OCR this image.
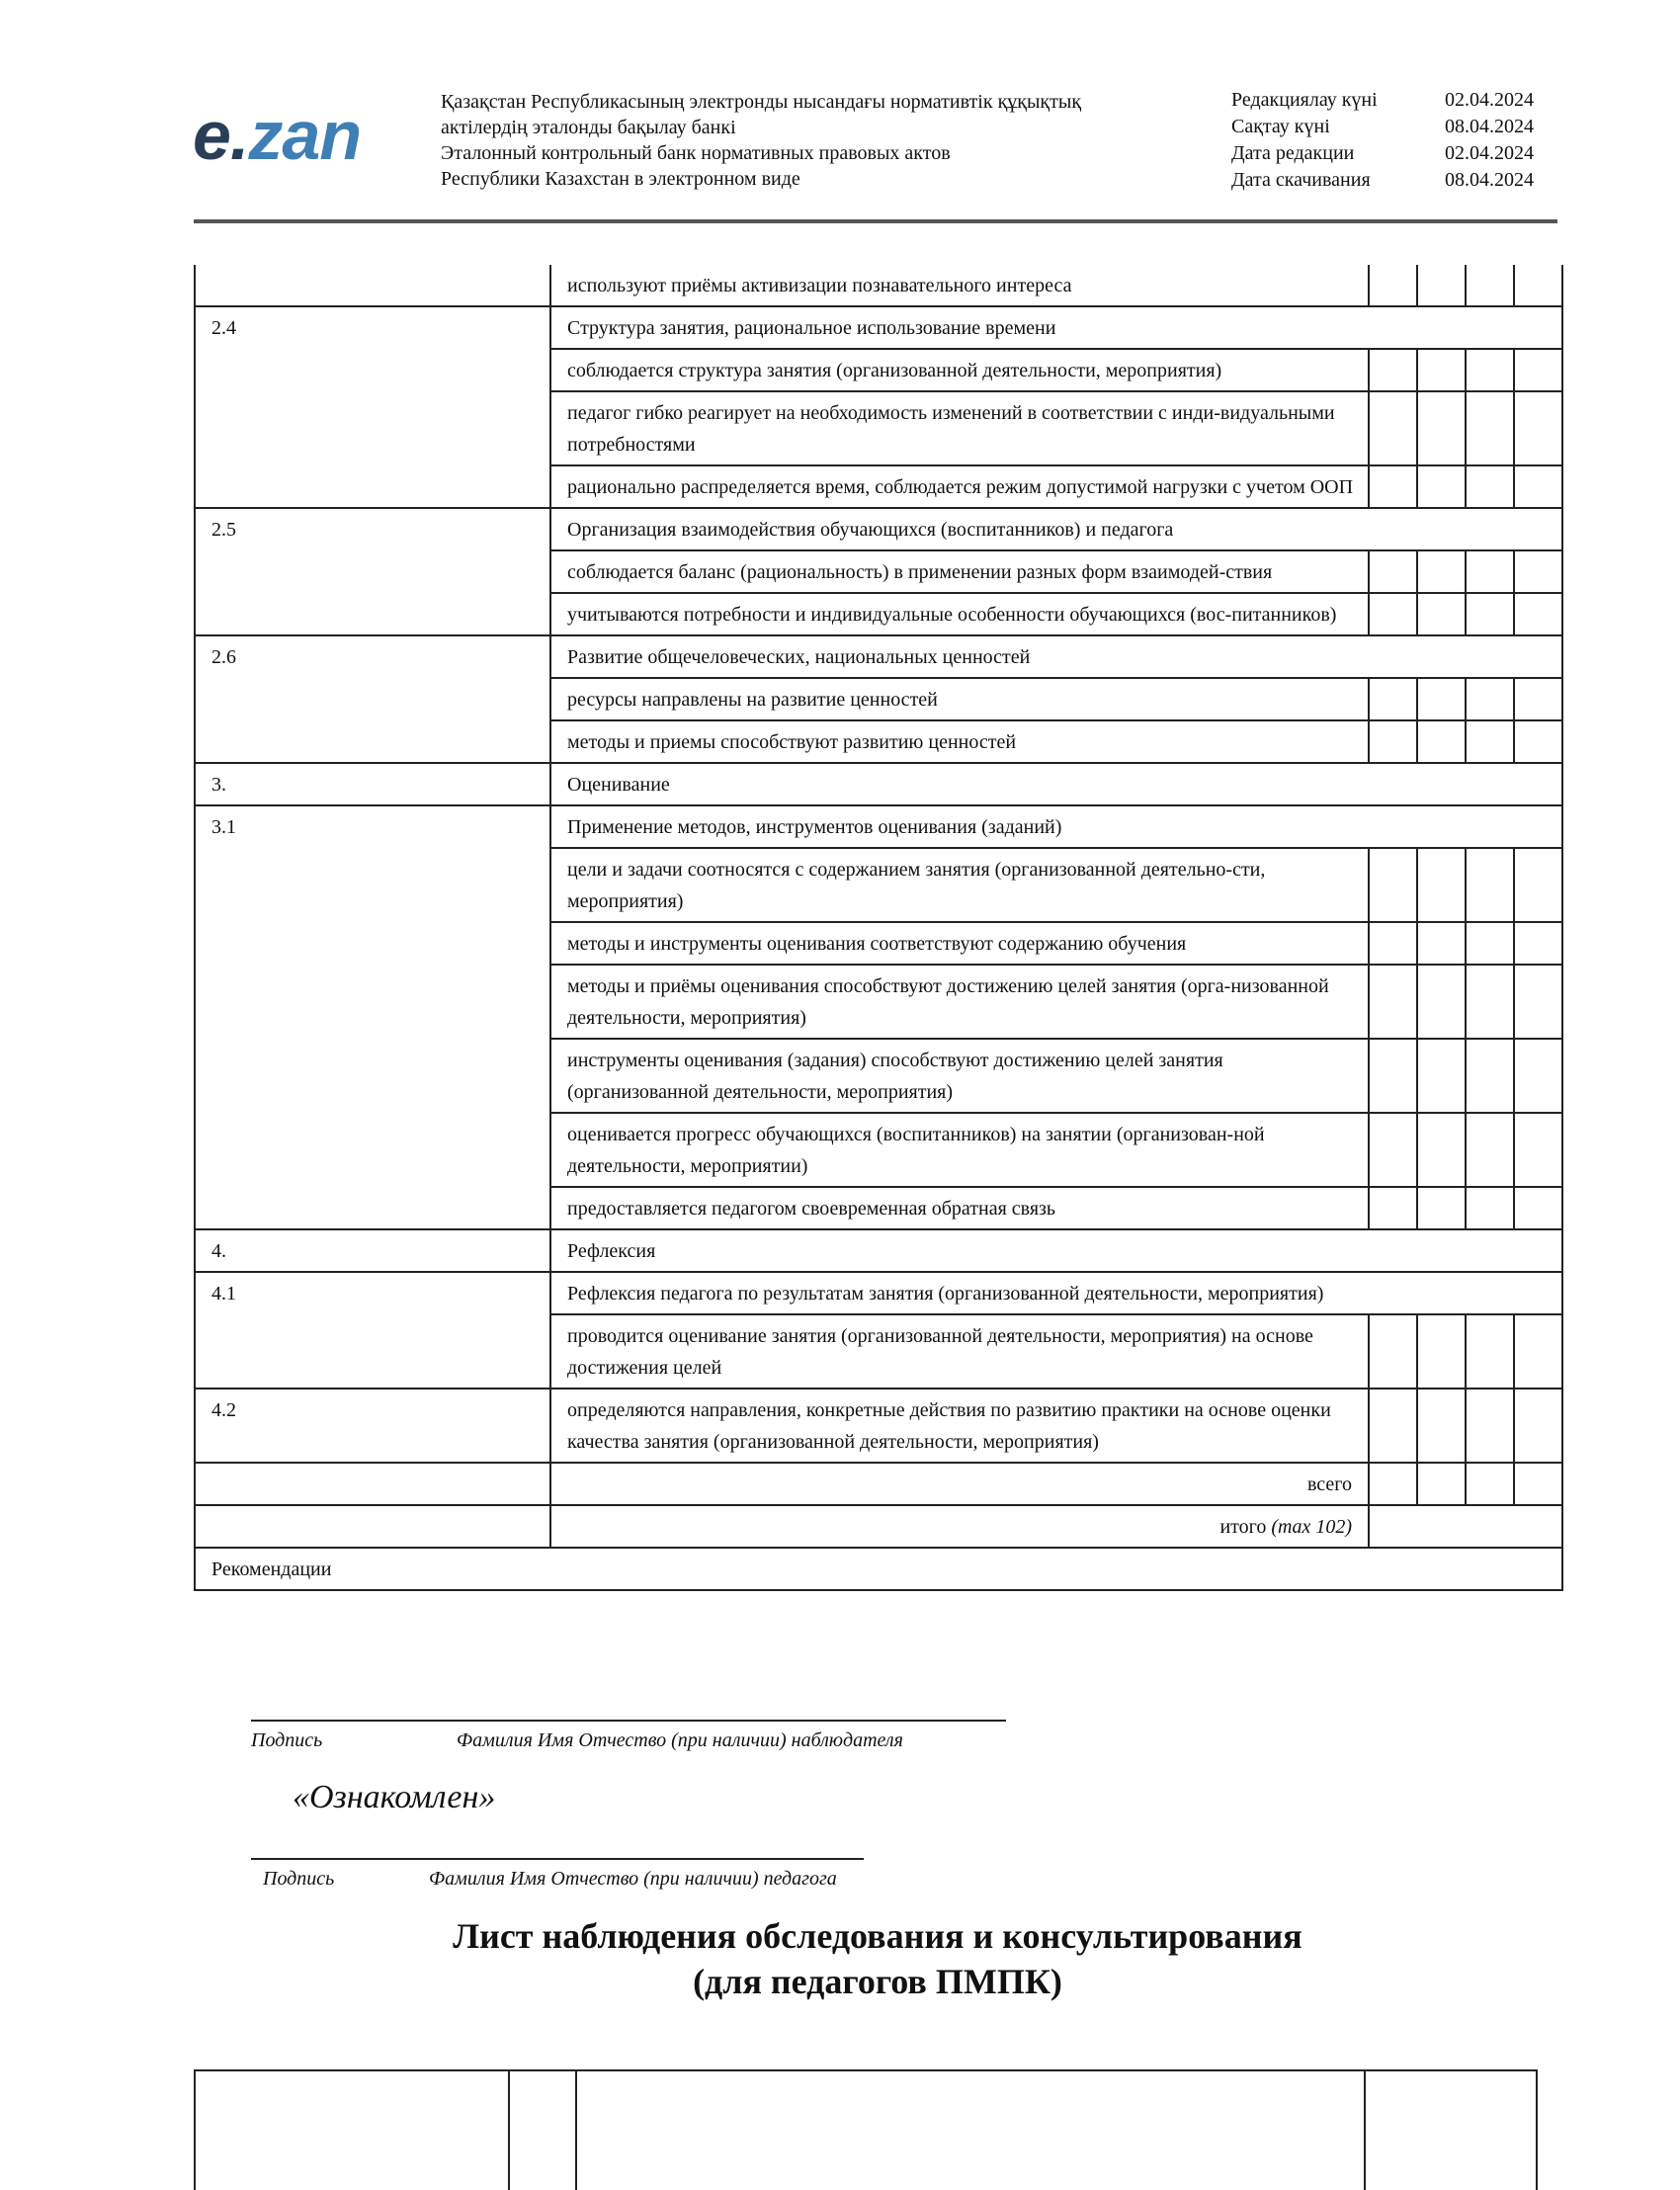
e.zan	Қазақстан Республикасының электронды нысандағы нормативтік құқықтық
актілердің эталонды бақылау банкі
Эталонный контрольный банк нормативных правовых актов
Республики Казахстан в электронном виде
Редакциялау күні	02.04.2024
Сақтау күні	08.04.2024
Дата редакции	02.04.2024
Дата скачивания	08.04.2024
	используют приёмы активизации познавательного интереса				
2.4	Структура занятия, рациональное использование времени				
	соблюдается структура занятия (организованной деятельности, мероприятия)				
	педагог гибко реагирует на необходимость изменений в соответствии с инди-видуальными потребностями				
	рационально распределяется время, соблюдается режим допустимой нагрузки с учетом ООП				
2.5	Организация взаимодействия обучающихся (воспитанников) и педагога				
	соблюдается баланс (рациональность) в применении разных форм взаимодей-ствия				
	учитываются потребности и индивидуальные особенности обучающихся (вос-питанников)				
2.6	Развитие общечеловеческих, национальных ценностей				
	ресурсы направлены на развитие ценностей				
	методы и приемы способствуют развитию ценностей				
3.	Оценивание				
3.1	Применение методов, инструментов оценивания (заданий)				
	цели и задачи соотносятся с содержанием занятия (организованной деятельно-сти, мероприятия)				
	методы и инструменты оценивания соответствуют содержанию обучения				
	методы и приёмы оценивания способствуют достижению целей занятия (орга-низованной деятельности, мероприятия)				
	инструменты оценивания (задания) способствуют достижению целей занятия (организованной деятельности, мероприятия)				
	оценивается прогресс обучающихся (воспитанников) на занятии (организован-ной деятельности, мероприятии)				
	предоставляется педагогом своевременная обратная связь				
4.	Рефлексия				
4.1	Рефлексия педагога по результатам занятия (организованной деятельности, мероприятия)				
	проводится оценивание занятия (организованной деятельности, мероприятия) на основе достижения целей				
4.2	определяются направления, конкретные действия по развитию практики на основе оценки качества занятия (организованной деятельности, мероприятия)				
	всего				
	итого (max 102)				
Рекомендации					
Подпись	Фамилия Имя Отчество (при наличии) наблюдателя
«Ознакомлен»
Подпись	Фамилия Имя Отчество (при наличии) педагога
Лист наблюдения обследования и консультирования
(для педагогов ПМПК)
